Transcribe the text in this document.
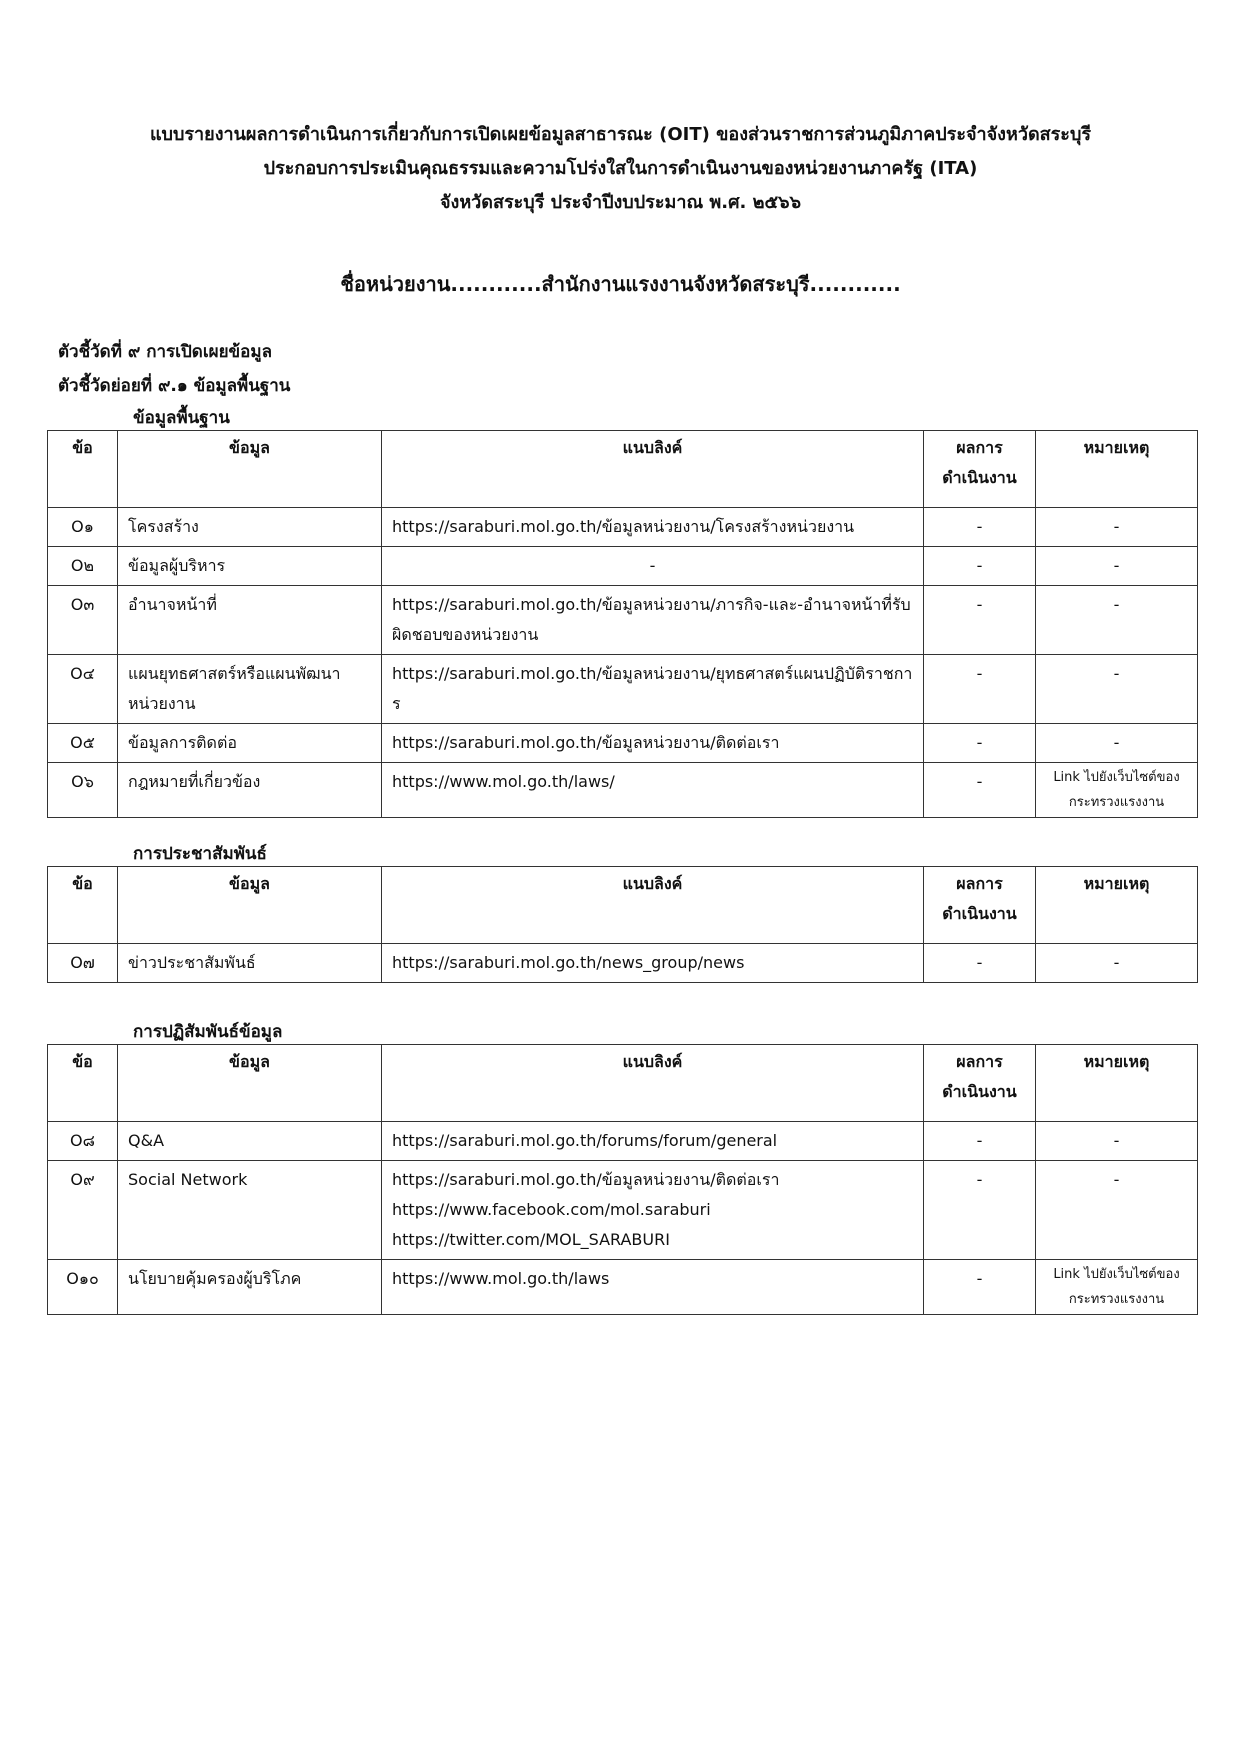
แบบรายงานผลการดำเนินการเกี่ยวกับการเปิดเผยข้อมูลสาธารณะ (OIT) ของส่วนราชการส่วนภูมิภาคประจำจังหวัดสระบุรี
ประกอบการประเมินคุณธรรมและความโปร่งใสในการดำเนินงานของหน่วยงานภาครัฐ (ITA)
จังหวัดสระบุรี ประจำปีงบประมาณ พ.ศ. ๒๕๖๖
ชื่อหน่วยงาน............สำนักงานแรงงานจังหวัดสระบุรี............
ตัวชี้วัดที่ ๙ การเปิดเผยข้อมูล
ตัวชี้วัดย่อยที่ ๙.๑ ข้อมูลพื้นฐาน
ข้อมูลพื้นฐาน
ข้อ	ข้อมูล	แนบลิงค์	ผลการดำเนินงาน	หมายเหตุ
O๑	โครงสร้าง	https://saraburi.mol.go.th/ข้อมูลหน่วยงาน/โครงสร้างหน่วยงาน	-	-
O๒	ข้อมูลผู้บริหาร	-	-	-
O๓	อำนาจหน้าที่	https://saraburi.mol.go.th/ข้อมูลหน่วยงาน/ภารกิจ-และ-อำนาจหน้าที่รับผิดชอบของหน่วยงาน	-	-
O๔	แผนยุทธศาสตร์หรือแผนพัฒนาหน่วยงาน	https://saraburi.mol.go.th/ข้อมูลหน่วยงาน/ยุทธศาสตร์แผนปฏิบัติราชการ	-	-
O๕	ข้อมูลการติดต่อ	https://saraburi.mol.go.th/ข้อมูลหน่วยงาน/ติดต่อเรา	-	-
O๖	กฎหมายที่เกี่ยวข้อง	https://www.mol.go.th/laws/	-	Link ไปยังเว็บไซต์ของกระทรวงแรงงาน
การประชาสัมพันธ์
ข้อ	ข้อมูล	แนบลิงค์	ผลการดำเนินงาน	หมายเหตุ
O๗	ข่าวประชาสัมพันธ์	https://saraburi.mol.go.th/news_group/news	-	-
การปฏิสัมพันธ์ข้อมูล
ข้อ	ข้อมูล	แนบลิงค์	ผลการดำเนินงาน	หมายเหตุ
O๘	Q&A	https://saraburi.mol.go.th/forums/forum/general	-	-
O๙	Social Network	https://saraburi.mol.go.th/ข้อมูลหน่วยงาน/ติดต่อเรา
https://www.facebook.com/mol.saraburi
https://twitter.com/MOL_SARABURI	-	-
O๑๐	นโยบายคุ้มครองผู้บริโภค	https://www.mol.go.th/laws	-	Link ไปยังเว็บไซต์ของกระทรวงแรงงาน
